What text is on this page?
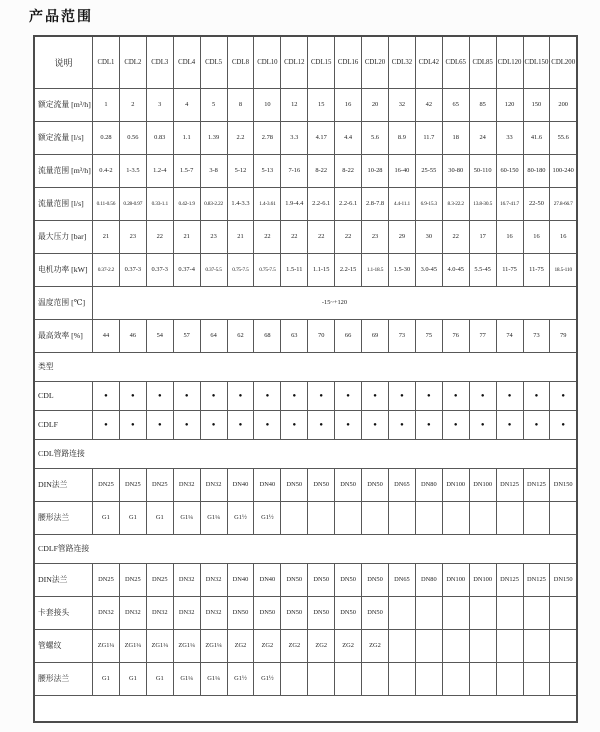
产品范围
说明	CDL1	CDL2	CDL3	CDL4	CDL5	CDL8	CDL10	CDL12	CDL15	CDL16	CDL20	CDL32	CDL42	CDL65	CDL85	CDL120	CDL150	CDL200
额定流量 [m³/h]	1	2	3	4	5	8	10	12	15	16	20	32	42	65	85	120	150	200
额定流量 [l/s]	0.28	0.56	0.83	1.1	1.39	2.2	2.78	3.3	4.17	4.4	5.6	8.9	11.7	18	24	33	41.6	55.6
流量范围 [m³/h]	0.4-2	1-3.5	1.2-4	1.5-7	3-8	5-12	5-13	7-16	8-22	8-22	10-28	16-40	25-55	30-80	50-110	60-150	80-180	100-240
流量范围 [l/s]	0.11-0.56	0.28-0.97	0.33-1.1	0.42-1.9	0.83-2.22	1.4-3.3	1.4-3.61	1.9-4.4	2.2-6.1	2.2-6.1	2.8-7.8	4.4-11.1	6.9-15.3	8.3-22.2	13.8-30.5	16.7-41.7	22-50	27.8-66.7
最大压力 [bar]	21	23	22	21	23	21	22	22	22	22	23	29	30	22	17	16	16	16
电机功率 [kW]	0.37-2.2	0.37-3	0.37-3	0.37-4	0.37-5.5	0.75-7.5	0.75-7.5	1.5-11	1.1-15	2.2-15	1.1-18.5	1.5-30	3.0-45	4.0-45	5.5-45	11-75	11-75	18.5-110
温度范围 [℃]	-15~+120																	
最高效率 [%]	44	46	54	57	64	62	68	63	70	66	69	73	75	76	77	74	73	79
类型																		
CDL	●	●	●	●	●	●	●	●	●	●	●	●	●	●	●	●	●	●
CDLF	●	●	●	●	●	●	●	●	●	●	●	●	●	●	●	●	●	●
CDL管路连接																		
DIN法兰	DN25	DN25	DN25	DN32	DN32	DN40	DN40	DN50	DN50	DN50	DN50	DN65	DN80	DN100	DN100	DN125	DN125	DN150
腰形法兰	G1	G1	G1	G1¼	G1¼	G1½	G1½											
CDLF管路连接																		
DIN法兰	DN25	DN25	DN25	DN32	DN32	DN40	DN40	DN50	DN50	DN50	DN50	DN65	DN80	DN100	DN100	DN125	DN125	DN150
卡套接头	DN32	DN32	DN32	DN32	DN32	DN50	DN50	DN50	DN50	DN50	DN50							
管螺纹	ZG1¼	ZG1¼	ZG1¼	ZG1¼	ZG1¼	ZG2	ZG2	ZG2	ZG2	ZG2	ZG2							
腰形法兰	G1	G1	G1	G1¼	G1¼	G1½	G1½											
